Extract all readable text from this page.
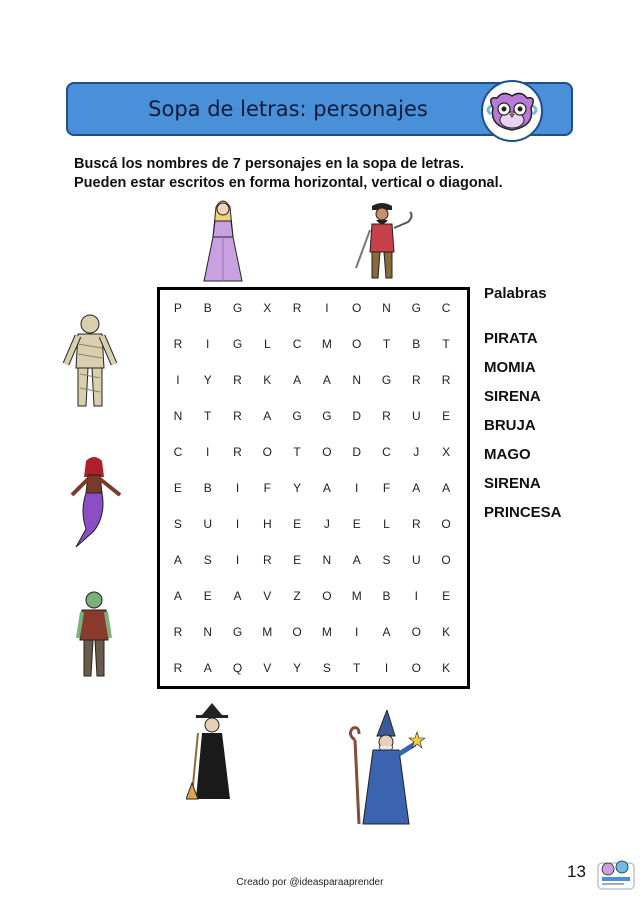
Sopa de letras: personajes
Buscá los nombres de 7 personajes en la sopa de letras.
Pueden estar escritos en forma horizontal, vertical o diagonal.
P	B	G	X	R	I	O	N	G	C
R	I	G	L	C	M	O	T	B	T
I	Y	R	K	A	A	N	G	R	R
N	T	R	A	G	G	D	R	U	E
C	I	R	O	T	O	D	C	J	X
E	B	I	F	Y	A	I	F	A	A
S	U	I	H	E	J	E	L	R	O
A	S	I	R	E	N	A	S	U	O
A	E	A	V	Z	O	M	B	I	E
R	N	G	M	O	M	I	A	O	K
R	A	Q	V	Y	S	T	I	O	K
Palabras
PIRATA
MOMIA
SIRENA
BRUJA
MAGO
SIRENA
PRINCESA
Creado por @ideasparaaprender
13
